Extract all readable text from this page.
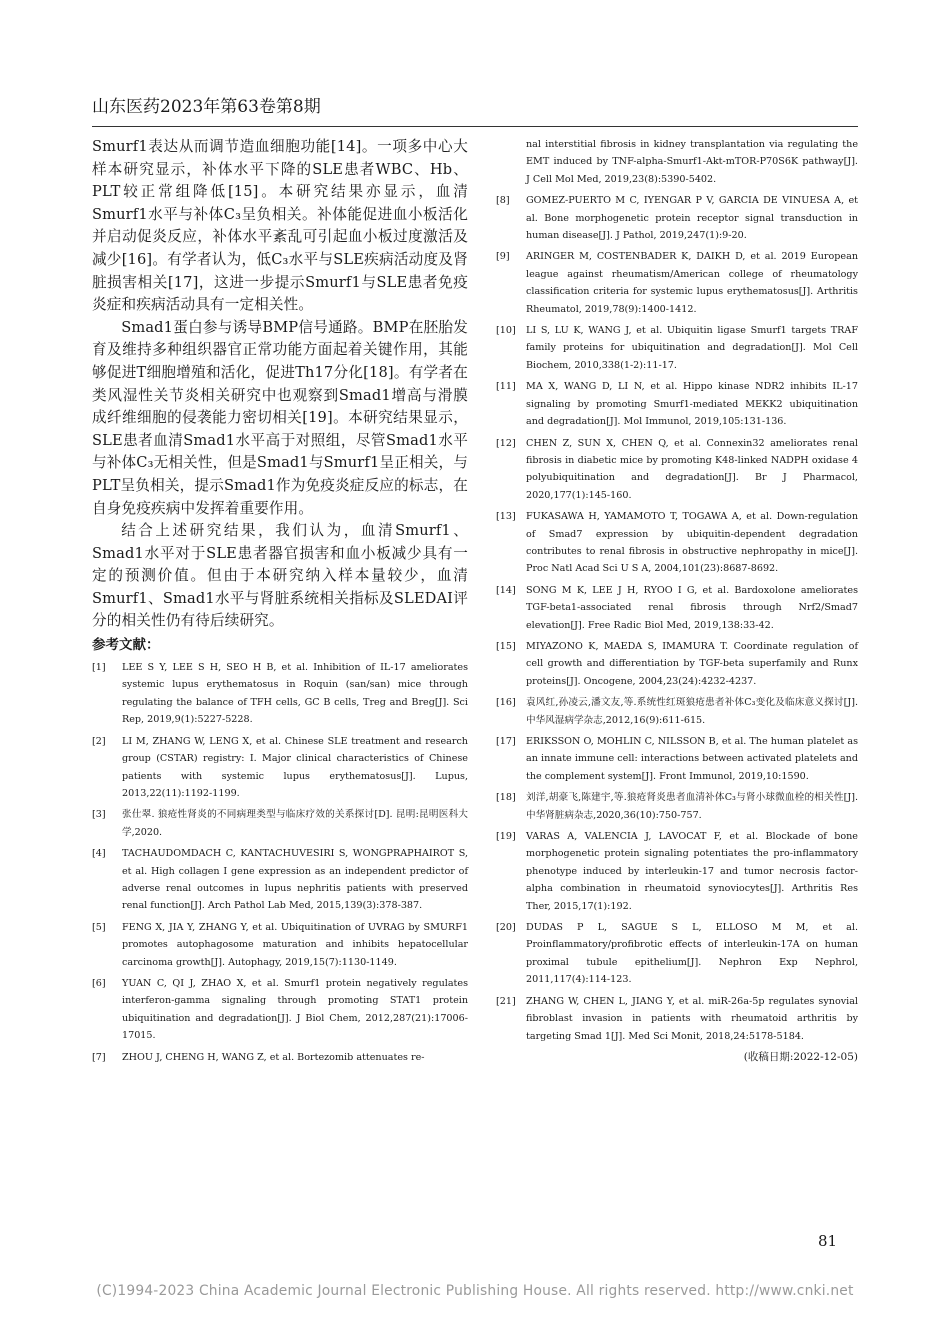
山东医药2023年第63卷第8期

Smurf1表达从而调节造血细胞功能[14]。一项多中心大样本研究显示，补体水平下降的SLE患者WBC、Hb、PLT较正常组降低[15]。本研究结果亦显示，血清Smurf1水平与补体C₃呈负相关。补体能促进血小板活化并启动促炎反应，补体水平紊乱可引起血小板过度激活及减少[16]。有学者认为，低C₃水平与SLE疾病活动度及肾脏损害相关[17]，这进一步提示Smurf1与SLE患者免疫炎症和疾病活动具有一定相关性。

Smad1蛋白参与诱导BMP信号通路。BMP在胚胎发育及维持多种组织器官正常功能方面起着关键作用，其能够促进T细胞增殖和活化，促进Th17分化[18]。有学者在类风湿性关节炎相关研究中也观察到Smad1增高与滑膜成纤维细胞的侵袭能力密切相关[19]。本研究结果显示，SLE患者血清Smad1水平高于对照组，尽管Smad1水平与补体C₃无相关性，但是Smad1与Smurf1呈正相关，与PLT呈负相关，提示Smad1作为免疫炎症反应的标志，在自身免疫疾病中发挥着重要作用。

结合上述研究结果，我们认为，血清Smurf1、Smad1水平对于SLE患者器官损害和血小板减少具有一定的预测价值。但由于本研究纳入样本量较少，血清Smurf1、Smad1水平与肾脏系统相关指标及SLEDAI评分的相关性仍有待后续研究。

参考文献：
[1]	LEE S Y, LEE S H, SEO H B, et al. Inhibition of IL-17 ameliorates systemic lupus erythematosus in Roquin (san/san) mice through regulating the balance of TFH cells, GC B cells, Treg and Breg[J]. Sci Rep, 2019,9(1):5227-5228.
[2]	LI M, ZHANG W, LENG X, et al. Chinese SLE treatment and research group (CSTAR) registry: I. Major clinical characteristics of Chinese patients with systemic lupus erythematosus[J]. Lupus, 2013,22(11):1192-1199.
[3]	张仕翠. 狼疮性肾炎的不同病理类型与临床疗效的关系探讨[D]. 昆明:昆明医科大学,2020.
[4]	TACHAUDOMDACH C, KANTACHUVESIRI S, WONGPRAPHAIROT S, et al. High collagen I gene expression as an independent predictor of adverse renal outcomes in lupus nephritis patients with preserved renal function[J]. Arch Pathol Lab Med, 2015,139(3):378-387.
[5]	FENG X, JIA Y, ZHANG Y, et al. Ubiquitination of UVRAG by SMURF1 promotes autophagosome maturation and inhibits hepatocellular carcinoma growth[J]. Autophagy, 2019,15(7):1130-1149.
[6]	YUAN C, QI J, ZHAO X, et al. Smurf1 protein negatively regulates interferon-gamma signaling through promoting STAT1 protein ubiquitination and degradation[J]. J Biol Chem, 2012,287(21):17006-17015.
[7]	ZHOU J, CHENG H, WANG Z, et al. Bortezomib attenuates re-
nal interstitial fibrosis in kidney transplantation via regulating the EMT induced by TNF-alpha-Smurf1-Akt-mTOR-P70S6K pathway[J]. J Cell Mol Med, 2019,23(8):5390-5402.
[8]	GOMEZ-PUERTO M C, IYENGAR P V, GARCIA DE VINUESA A, et al. Bone morphogenetic protein receptor signal transduction in human disease[J]. J Pathol, 2019,247(1):9-20.
[9]	ARINGER M, COSTENBADER K, DAIKH D, et al. 2019 European league against rheumatism/American college of rheumatology classification criteria for systemic lupus erythematosus[J]. Arthritis Rheumatol, 2019,78(9):1400-1412.
[10]	LI S, LU K, WANG J, et al. Ubiquitin ligase Smurf1 targets TRAF family proteins for ubiquitination and degradation[J]. Mol Cell Biochem, 2010,338(1-2):11-17.
[11]	MA X, WANG D, LI N, et al. Hippo kinase NDR2 inhibits IL-17 signaling by promoting Smurf1-mediated MEKK2 ubiquitination and degradation[J]. Mol Immunol, 2019,105:131-136.
[12]	CHEN Z, SUN X, CHEN Q, et al. Connexin32 ameliorates renal fibrosis in diabetic mice by promoting K48-linked NADPH oxidase 4 polyubiquitination and degradation[J]. Br J Pharmacol, 2020,177(1):145-160.
[13]	FUKASAWA H, YAMAMOTO T, TOGAWA A, et al. Down-regulation of Smad7 expression by ubiquitin-dependent degradation contributes to renal fibrosis in obstructive nephropathy in mice[J]. Proc Natl Acad Sci U S A, 2004,101(23):8687-8692.
[14]	SONG M K, LEE J H, RYOO I G, et al. Bardoxolone ameliorates TGF-beta1-associated renal fibrosis through Nrf2/Smad7 elevation[J]. Free Radic Biol Med, 2019,138:33-42.
[15]	MIYAZONO K, MAEDA S, IMAMURA T. Coordinate regulation of cell growth and differentiation by TGF-beta superfamily and Runx proteins[J]. Oncogene, 2004,23(24):4232-4237.
[16]	袁风红,孙凌云,潘文友,等.系统性红斑狼疮患者补体C₃变化及临床意义探讨[J].中华风湿病学杂志,2012,16(9):611-615.
[17]	ERIKSSON O, MOHLIN C, NILSSON B, et al. The human platelet as an innate immune cell: interactions between activated platelets and the complement system[J]. Front Immunol, 2019,10:1590.
[18]	刘洋,胡豪飞,陈建宇,等.狼疮肾炎患者血清补体C₃与肾小球微血栓的相关性[J].中华肾脏病杂志,2020,36(10):750-757.
[19]	VARAS A, VALENCIA J, LAVOCAT F, et al. Blockade of bone morphogenetic protein signaling potentiates the pro-inflammatory phenotype induced by interleukin-17 and tumor necrosis factor-alpha combination in rheumatoid synoviocytes[J]. Arthritis Res Ther, 2015,17(1):192.
[20]	DUDAS P L, SAGUE S L, ELLOSO M M, et al. Proinflammatory/profibrotic effects of interleukin-17A on human proximal tubule epithelium[J]. Nephron Exp Nephrol, 2011,117(4):114-123.
[21]	ZHANG W, CHEN L, JIANG Y, et al. miR-26a-5p regulates synovial fibroblast invasion in patients with rheumatoid arthritis by targeting Smad 1[J]. Med Sci Monit, 2018,24:5178-5184.
(收稿日期:2022-12-05)
81
(C)1994-2023 China Academic Journal Electronic Publishing House. All rights reserved. http://www.cnki.net
